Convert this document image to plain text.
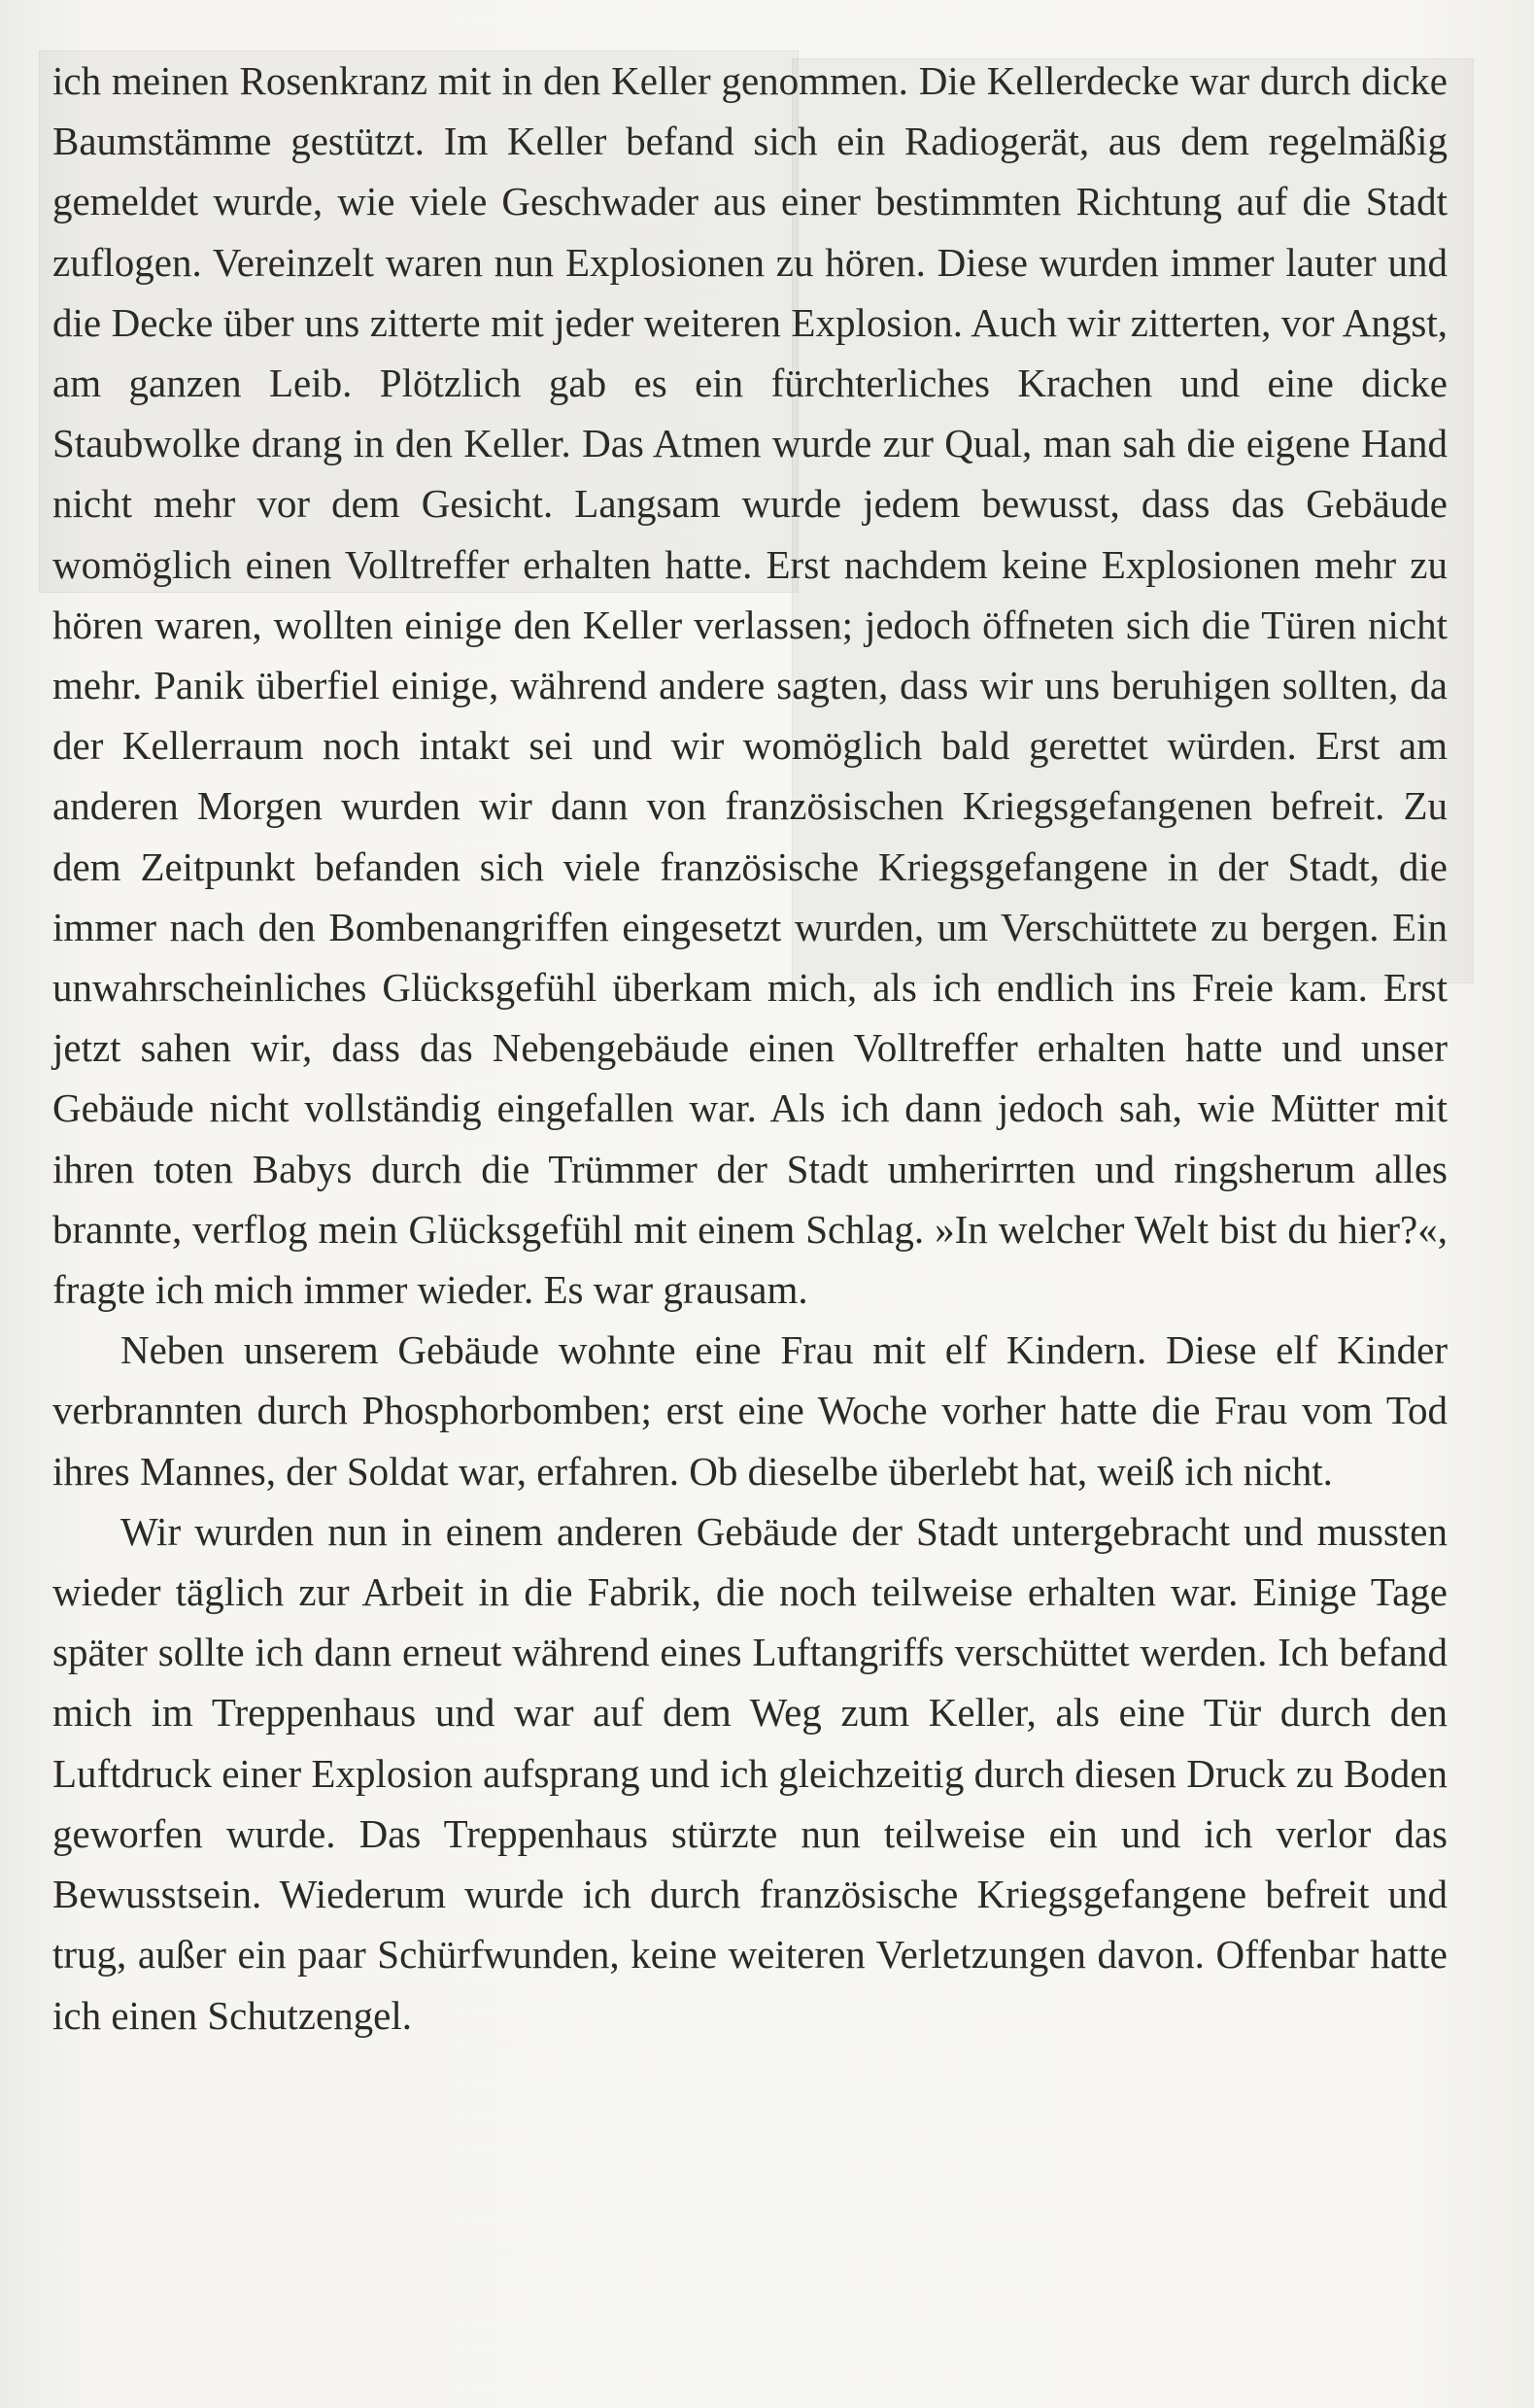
ich meinen Rosenkranz mit in den Keller genommen. Die Kellerdecke war durch dicke Baumstämme gestützt. Im Keller befand sich ein Radiogerät, aus dem regelmäßig gemeldet wurde, wie viele Geschwader aus einer bestimmten Richtung auf die Stadt zuflogen. Vereinzelt waren nun Explosionen zu hören. Diese wurden immer lauter und die Decke über uns zitterte mit jeder weiteren Explosion. Auch wir zitterten, vor Angst, am ganzen Leib. Plötzlich gab es ein fürchterliches Krachen und eine dicke Staubwolke drang in den Keller. Das Atmen wurde zur Qual, man sah die eigene Hand nicht mehr vor dem Gesicht. Langsam wurde jedem bewusst, dass das Gebäude womöglich einen Volltreffer erhalten hatte. Erst nachdem keine Explosionen mehr zu hören waren, wollten einige den Keller verlassen; jedoch öffneten sich die Türen nicht mehr. Panik überfiel einige, während andere sagten, dass wir uns beruhigen sollten, da der Kellerraum noch intakt sei und wir womöglich bald gerettet würden. Erst am anderen Morgen wurden wir dann von französischen Kriegsgefangenen befreit. Zu dem Zeitpunkt befanden sich viele französische Kriegsgefangene in der Stadt, die immer nach den Bombenangriffen eingesetzt wurden, um Verschüttete zu bergen. Ein unwahrscheinliches Glücksgefühl überkam mich, als ich endlich ins Freie kam. Erst jetzt sahen wir, dass das Nebengebäude einen Volltreffer erhalten hatte und unser Gebäude nicht vollständig eingefallen war. Als ich dann jedoch sah, wie Mütter mit ihren toten Babys durch die Trümmer der Stadt umherirrten und ringsherum alles brannte, verflog mein Glücksgefühl mit einem Schlag. »In welcher Welt bist du hier?«, fragte ich mich immer wieder. Es war grausam.

Neben unserem Gebäude wohnte eine Frau mit elf Kindern. Diese elf Kinder verbrannten durch Phosphorbomben; erst eine Woche vorher hatte die Frau vom Tod ihres Mannes, der Soldat war, erfahren. Ob dieselbe überlebt hat, weiß ich nicht.

Wir wurden nun in einem anderen Gebäude der Stadt untergebracht und mussten wieder täglich zur Arbeit in die Fabrik, die noch teilweise erhalten war. Einige Tage später sollte ich dann erneut während eines Luftangriffs verschüttet werden. Ich befand mich im Treppenhaus und war auf dem Weg zum Keller, als eine Tür durch den Luftdruck einer Explosion aufsprang und ich gleichzeitig durch diesen Druck zu Boden geworfen wurde. Das Treppenhaus stürzte nun teilweise ein und ich verlor das Bewusstsein. Wiederum wurde ich durch französische Kriegsgefangene befreit und trug, außer ein paar Schürfwunden, keine weiteren Verletzungen davon. Offenbar hatte ich einen Schutzengel.
